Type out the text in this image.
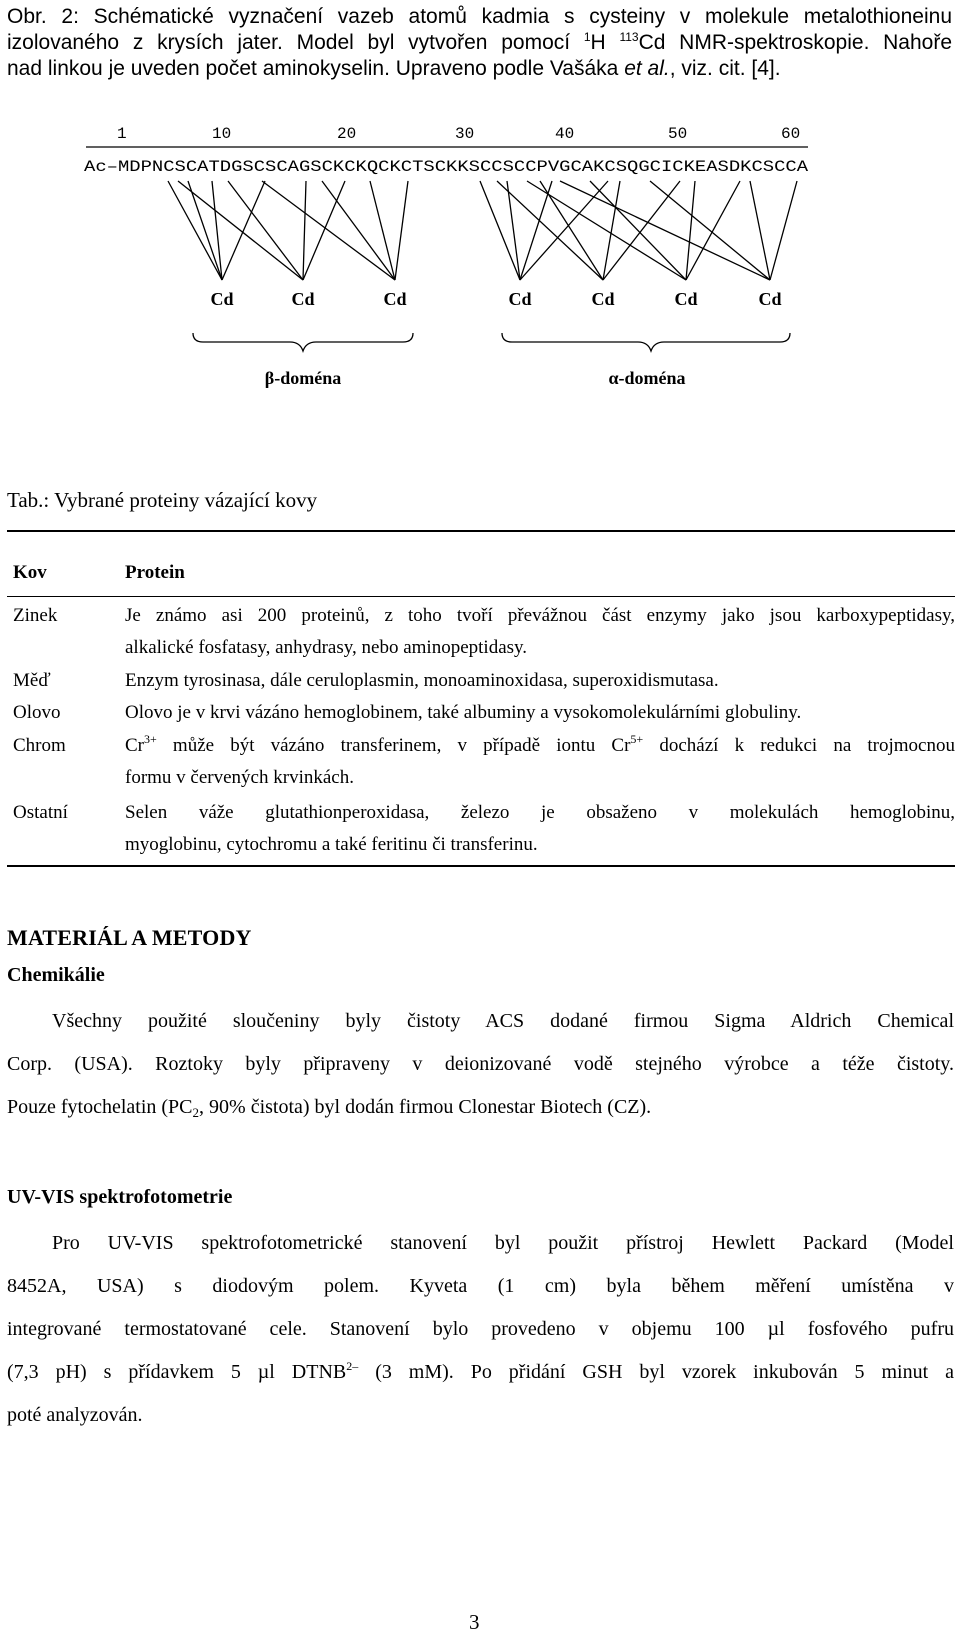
Obr. 2: Schématické vyznačení vazeb atomů kadmia s cysteiny v molekule metalothioneinu

izolovaného z krysích jater. Model byl vytvořen pomocí $^1$H $^{113}$Cd NMR-spektroskopie. Nahoře

nad linkou je uveden počet aminokyselin. Upraveno podle Vašáka et al., viz. cit. [4].

1	10	20	30	40	50	60
Ac–MDPNCSCATDGSCSCAGSCKCKQCKCTSCKKSCCSCCPVGCAKCSQGCICKEASDKCSCCA
Cd	Cd	Cd	Cd	Cd	Cd	Cd
β-doména	α-doména
Tab.: Vybrané proteiny vázající kovy
Kov	Protein
Zinek	Je známo asi 200 proteinů, z toho tvoří převážnou část enzymy jako jsou karboxypeptidasy,
alkalické fosfatasy, anhydrasy, nebo aminopeptidasy.
Měď	Enzym tyrosinasa, dále ceruloplasmin, monoaminoxidasa, superoxidismutasa.
Olovo	Olovo je v krvi vázáno hemoglobinem, také albuminy a vysokomolekulárními globuliny.
Chrom	$Cr^{3+}$ může být vázáno transferinem, v případě iontu $Cr^{5+}$ dochází k redukci na trojmocnou
formu v červených krvinkách.
Ostatní	Selen váže glutathionperoxidasa, železo je obsaženo v molekulách hemoglobinu,
myoglobinu, cytochromu a také feritinu či transferinu.
MATERIÁL A METODY
Chemikálie
Všechny použité sloučeniny byly čistoty ACS dodané firmou Sigma Aldrich Chemical
Corp. (USA). Roztoky byly připraveny v deionizované vodě stejného výrobce a téže čistoty.
Pouze fytochelatin ($PC_2$, 90% čistota) byl dodán firmou Clonestar Biotech (CZ).
UV-VIS spektrofotometrie
Pro UV-VIS spektrofotometrické stanovení byl použit přístroj Hewlett Packard (Model
8452A, USA) s diodovým polem. Kyveta (1 cm) byla během měření umístěna v
integrované termostatované cele. Stanovení bylo provedeno v objemu 100 µl fosfového pufru
(7,3 pH) s přídavkem 5 µl $DTNB^{2-}$ (3 mM). Po přidání GSH byl vzorek inkubován 5 minut a
poté analyzován.
3
